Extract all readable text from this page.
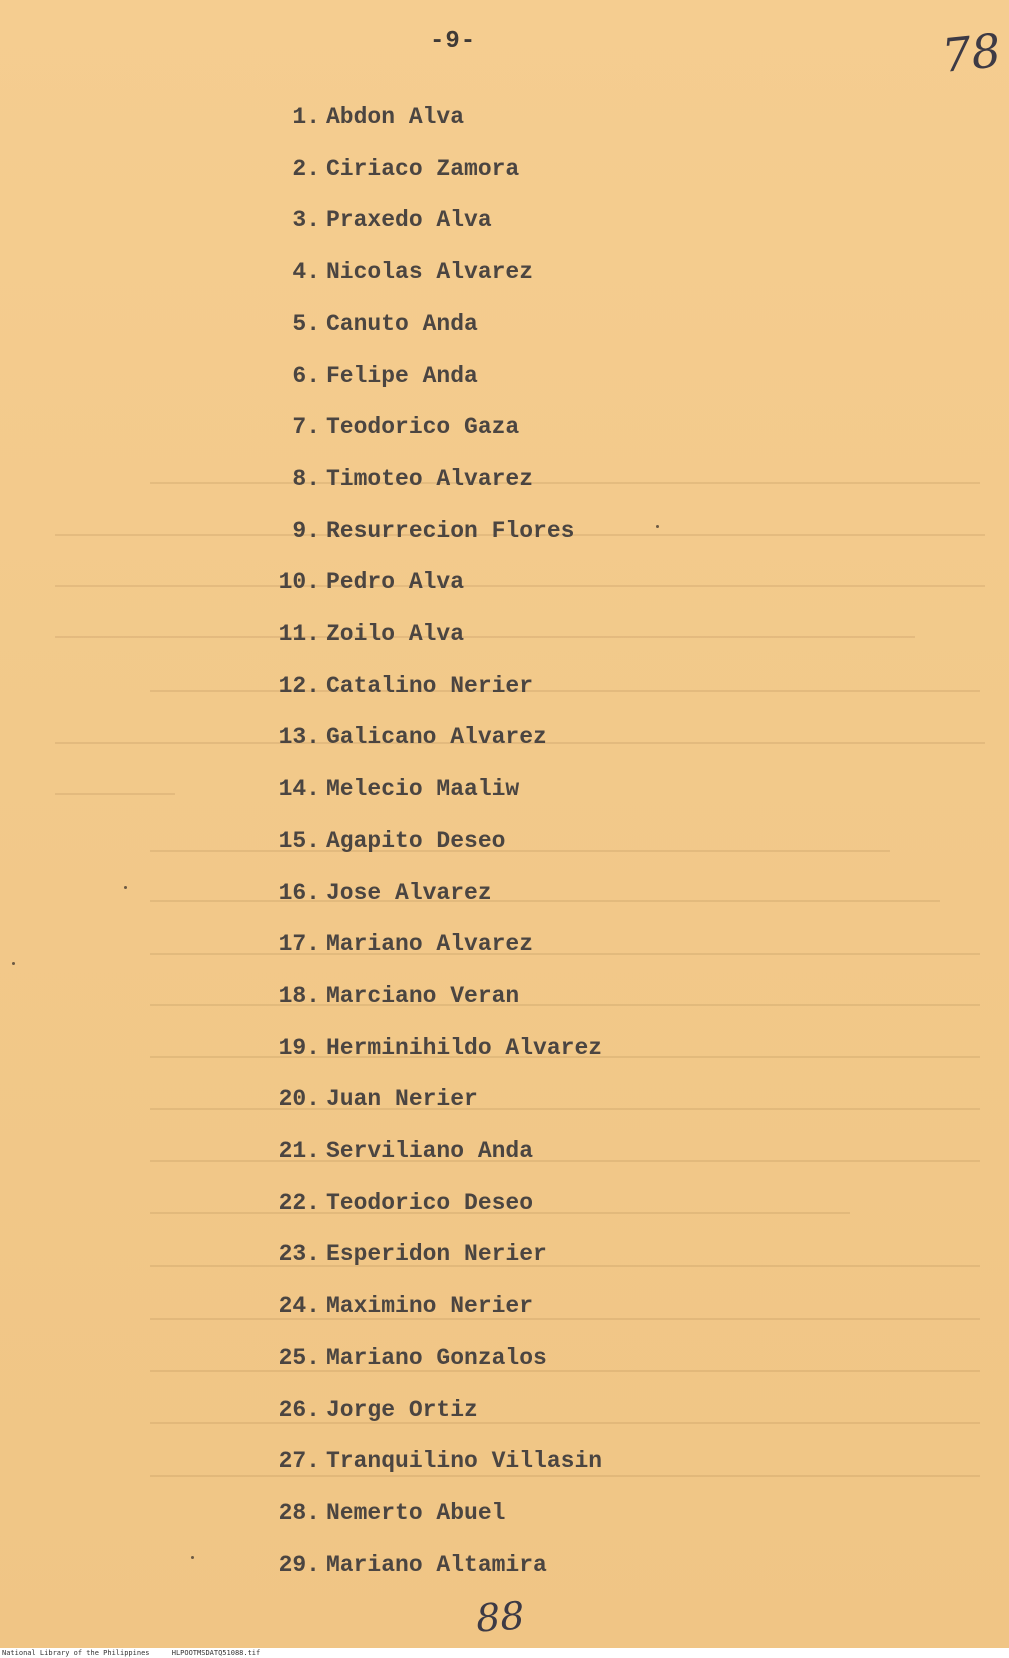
-9-	78
1. Abdon Alva
2. Ciriaco Zamora
3. Praxedo Alva
4. Nicolas Alvarez
5. Canuto Anda
6. Felipe Anda
7. Teodorico Gaza
8. Timoteo Alvarez
9. Resurrecion Flores
10. Pedro Alva
11. Zoilo Alva
12. Catalino Nerier
13. Galicano Alvarez
14. Melecio Maaliw
15. Agapito Deseo
16. Jose Alvarez
17. Mariano Alvarez
18. Marciano Veran
19. Herminihildo Alvarez
20. Juan Nerier
21. Serviliano Anda
22. Teodorico Deseo
23. Esperidon Nerier
24. Maximino Nerier
25. Mariano Gonzalos
26. Jorge Ortiz
27. Tranquilino Villasin
28. Nemerto Abuel
29. Mariano Altamira
88
National Library of the Philippines	HLPOOTMSDATQ51088.tif
